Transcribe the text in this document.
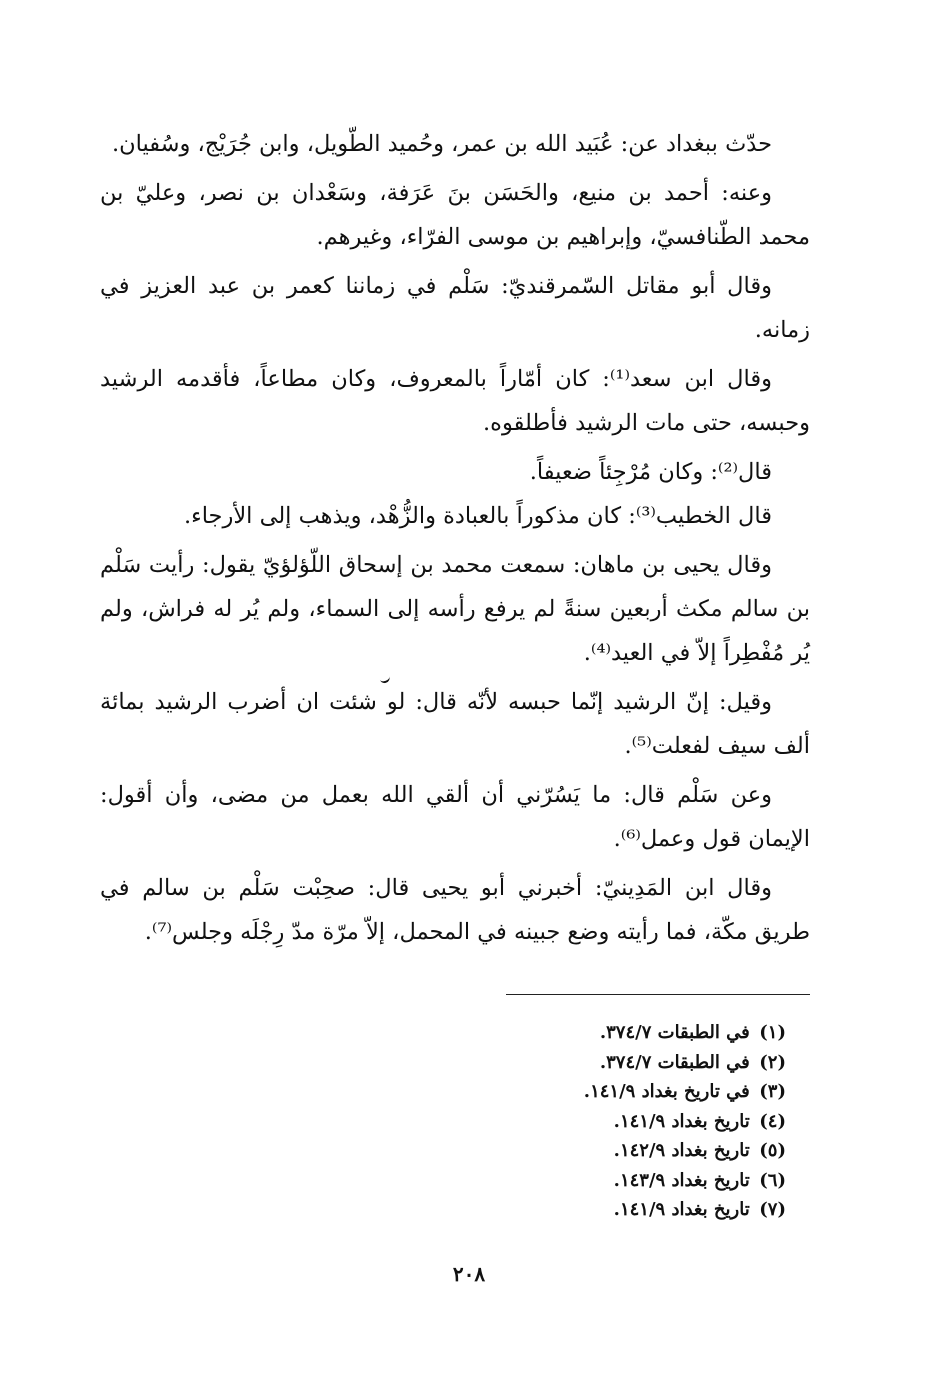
حدّث ببغداد عن: عُبَيد الله بن عمر، وحُميد الطّويل، وابن جُرَيْج، وسُفيان.

وعنه: أحمد بن منيع، والحَسَن بنَ عَرَفة، وسَعْدان بن نصر، وعليّ بن محمد الطّنافسيّ، وإبراهيم بن موسى الفرّاء، وغيرهم.

وقال أبو مقاتل السّمرقنديّ: سَلْم في زماننا كعمر بن عبد العزيز في زمانه.

وقال ابن سعد⁽¹⁾: كان أمّاراً بالمعروف، وكان مطاعاً، فأقدمه الرشيد وحبسه، حتى مات الرشيد فأطلقوه.

قال⁽²⁾: وكان مُرْجِئاً ضعيفاً.

قال الخطيب⁽³⁾: كان مذكوراً بالعبادة والزُّهْد، ويذهب إلى الأرجاء.

وقال يحيى بن ماهان: سمعت محمد بن إسحاق اللّؤلؤيّ يقول: رأيت سَلْم بن سالم مكث أربعين سنةً لم يرفع رأسه إلى السماء، ولم يُر له فراش، ولم يُر مُفْطِراً إلاّ في العيد⁽⁴⁾.

وقيل: إنّ الرشيد إنّما حبسه لأنّه قال: لو شئت ان أضرب الرشيد بمائة ألف سيف لفعلت⁽⁵⁾.

وعن سَلْم قال: ما يَسُرّني أن ألقي الله بعمل من مضى، وأن أقول: الإيمان قول وعمل⁽⁶⁾.

وقال ابن المَدِينيّ: أخبرني أبو يحيى قال: صحِبْت سَلْم بن سالم في طريق مكّة، فما رأيته وضع جبينه في المحمل، إلاّ مرّة مدّ رِجْلَه وجلس⁽⁷⁾.

(١) في الطبقات ٣٧٤/٧.
(٢) في الطبقات ٣٧٤/٧.
(٣) في تاريخ بغداد ١٤١/٩.
(٤) تاريخ بغداد ١٤١/٩.
(٥) تاريخ بغداد ١٤٢/٩.
(٦) تاريخ بغداد ١٤٣/٩.
(٧) تاريخ بغداد ١٤١/٩.
٢٠٨
